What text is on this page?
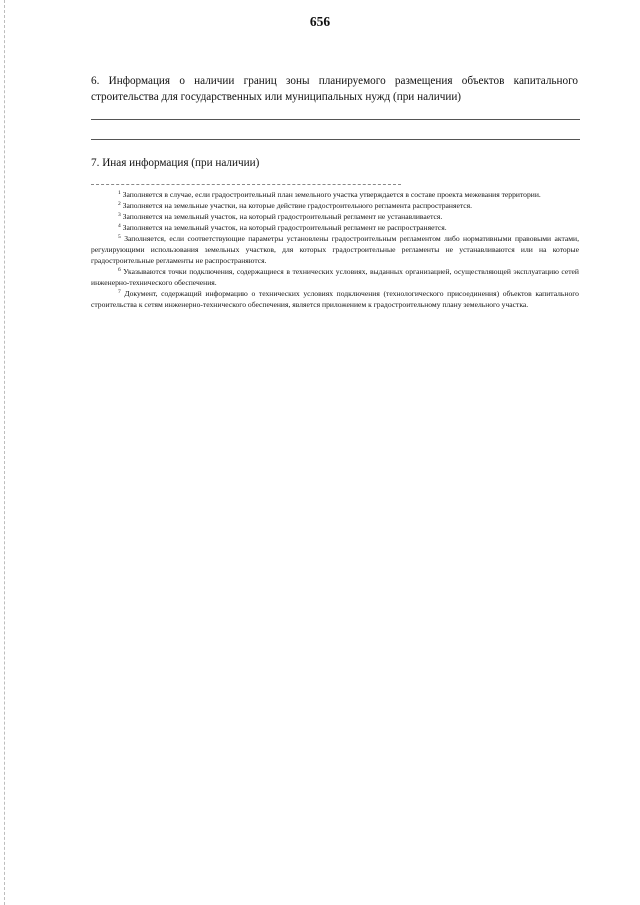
656
6. Информация о наличии границ зоны планируемого размещения объектов капитального строительства для государственных или муниципальных нужд (при наличии)
7. Иная информация (при наличии)

$^1$ Заполняется в случае, если градостроительный план земельного участка утверждается в составе проекта межевания территории.

$^2$ Заполняется на земельные участки, на которые действие градостроительного регламента распространяется.

$^3$ Заполняется на земельный участок, на который градостроительный регламент не устанавливается.

$^4$ Заполняется на земельный участок, на который градостроительный регламент не распространяется.

$^5$ Заполняется, если соответствующие параметры установлены градостроительным регламентом либо нормативными правовыми актами, регулирующими использования земельных участков, для которых градостроительные регламенты не устанавливаются или на которые градостроительные регламенты не распространяются.

$^6$ Указываются точки подключения, содержащиеся в технических условиях, выданных организацией, осуществляющей эксплуатацию сетей инженерно-технического обеспечения.

$^7$ Документ, содержащий информацию о технических условиях подключения (технологического присоединения) объектов капитального строительства к сетям инженерно-технического обеспечения, является приложением к градостроительному плану земельного участка.
